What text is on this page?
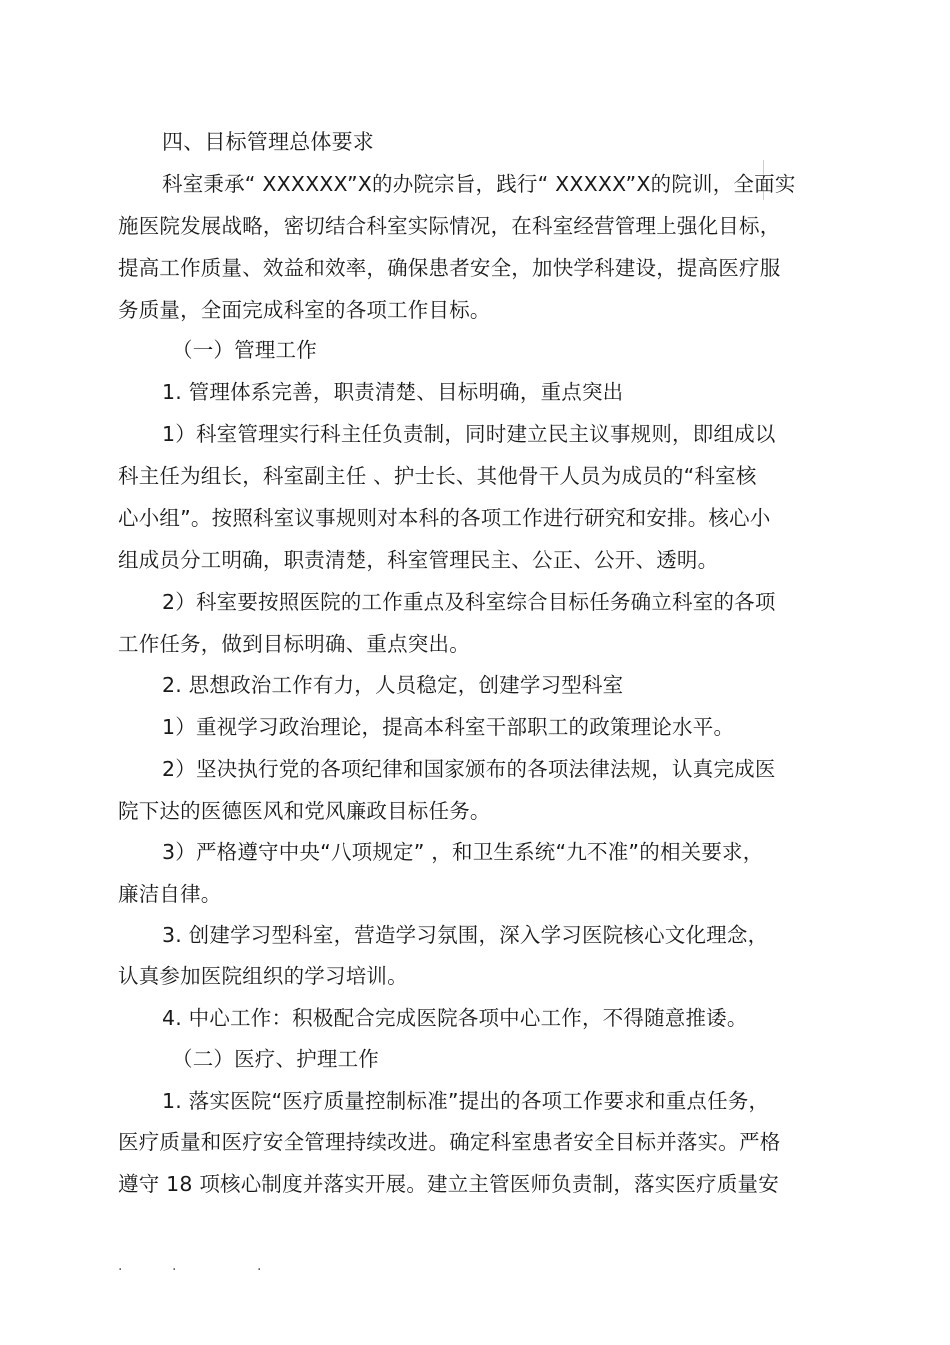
四、目标管理总体要求
科室秉承“ XXXXXX”X的办院宗旨，践行“ XXXXX”X的院训，全面实
施医院发展战略，密切结合科室实际情况，在科室经营管理上强化目标，
提高工作质量、效益和效率，确保患者安全，加快学科建设，提高医疗服
务质量，全面完成科室的各项工作目标。
（一）管理工作
1. 管理体系完善，职责清楚、目标明确，重点突出
1）科室管理实行科主任负责制，同时建立民主议事规则，即组成以
科主任为组长，科室副主任 、护士长、其他骨干人员为成员的“科室核
心小组”。按照科室议事规则对本科的各项工作进行研究和安排。核心小
组成员分工明确，职责清楚，科室管理民主、公正、公开、透明。
2）科室要按照医院的工作重点及科室综合目标任务确立科室的各项
工作任务，做到目标明确、重点突出。
2. 思想政治工作有力，人员稳定，创建学习型科室
1）重视学习政治理论，提高本科室干部职工的政策理论水平。
2）坚决执行党的各项纪律和国家颁布的各项法律法规，认真完成医
院下达的医德医风和党风廉政目标任务。
3）严格遵守中央“八项规定” ，和卫生系统“九不准”的相关要求，
廉洁自律。
3. 创建学习型科室，营造学习氛围，深入学习医院核心文化理念，
认真参加医院组织的学习培训。
4. 中心工作：积极配合完成医院各项中心工作，不得随意推诿。
（二）医疗、护理工作
1. 落实医院“医疗质量控制标准”提出的各项工作要求和重点任务，
医疗质量和医疗安全管理持续改进。确定科室患者安全目标并落实。严格
遵守 18 项核心制度并落实开展。建立主管医师负责制，落实医疗质量安
.	.	.
